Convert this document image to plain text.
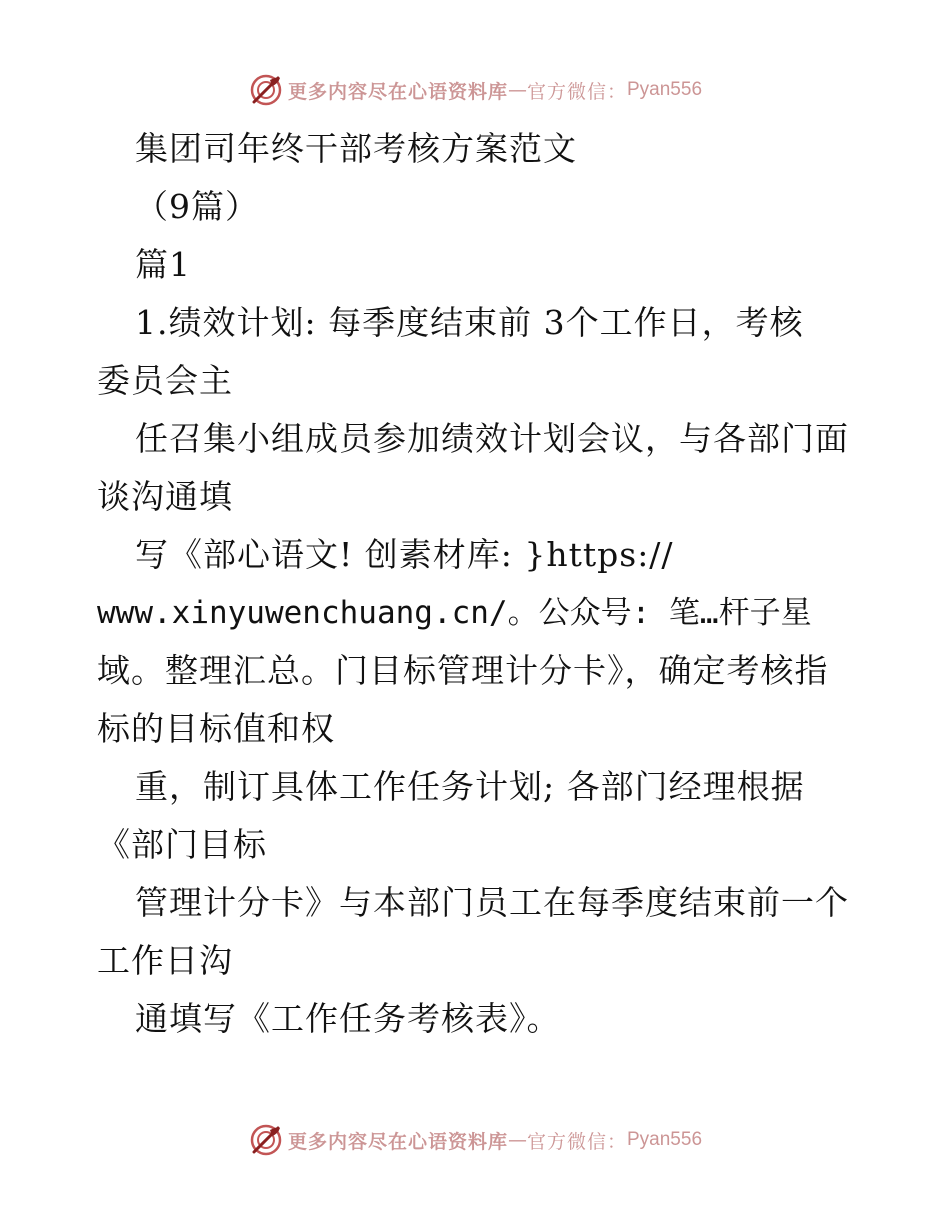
更多内容尽在心语资料库 — 官方微信： Pyan556
集团司年终干部考核方案范文
（9篇）
篇1
1.绩效计划: 每季度结束前 3个工作日，考核
委员会主
任召集小组成员参加绩效计划会议，与各部门面
谈沟通填
写《部心语文! 创素材库: }https://
www.xinyuwenchuang.cn/。公众号: 笔…杆子星
域。整理汇总。门目标管理计分卡》，确定考核指
标的目标值和权
重，制订具体工作任务计划; 各部门经理根据
《部门目标
管理计分卡》与本部门员工在每季度结束前一个
工作日沟
通填写《工作任务考核表》。
更多内容尽在心语资料库 — 官方微信： Pyan556
